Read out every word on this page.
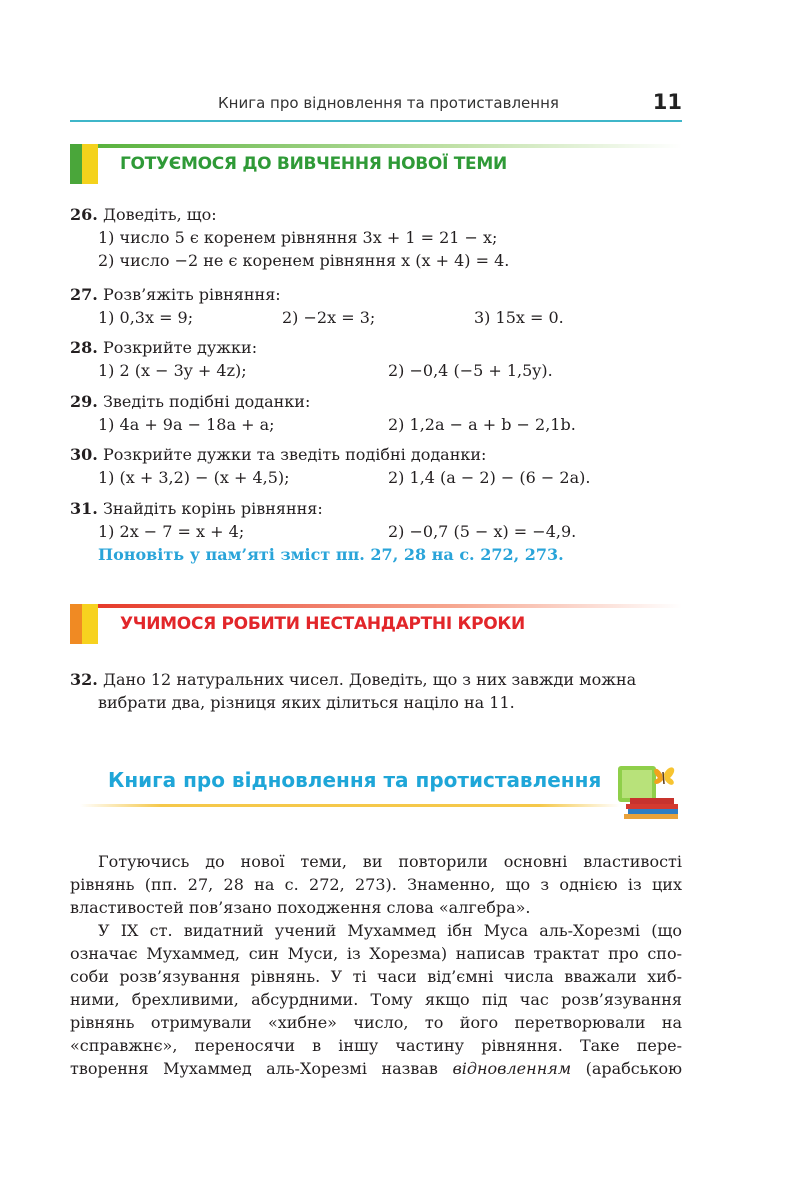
Книга про відновлення та протиставлення	11
ГОТУЄМОСЯ ДО ВИВЧЕННЯ НОВОЇ ТЕМИ
26. Доведіть, що:
1) число 5 є коренем рівняння 3x + 1 = 21 − x;
2) число −2 не є коренем рівняння x (x + 4) = 4.
27. Розв’яжіть рівняння:
1) 0,3x = 9;	2) −2x = 3;	3) 15x = 0.
28. Розкрийте дужки:
1) 2 (x − 3y + 4z);	2) −0,4 (−5 + 1,5y).
29. Зведіть подібні доданки:
1) 4a + 9a − 18a + a;	2) 1,2a − a + b − 2,1b.
30. Розкрийте дужки та зведіть подібні доданки:
1) (x + 3,2) − (x + 4,5);	2) 1,4 (a − 2) − (6 − 2a).
31. Знайдіть корінь рівняння:
1) 2x − 7 = x + 4;	2) −0,7 (5 − x) = −4,9.
Поновіть у пам’яті зміст пп. 27, 28 на с. 272, 273.
УЧИМОСЯ РОБИТИ НЕСТАНДАРТНІ КРОКИ
32. Дано 12 натуральних чисел. Доведіть, що з них завжди можна
вибрати два, різниця яких ділиться націло на 11.
Книга про відновлення та протиставлення
Готуючись до нової теми, ви повторили основні властивості
рівнянь (пп. 27, 28 на с. 272, 273). Знаменно, що з однією із цих
властивостей пов’язано походження слова «алгебра».
У IX ст. видатний учений Мухаммед ібн Муса аль-Хорезмі (що
означає Мухаммед, син Муси, із Хорезма) написав трактат про спо-
соби розв’язування рівнянь. У ті часи від’ємні числа вважали хиб-
ними, брехливими, абсурдними. Тому якщо під час розв’язування
рівнянь отримували «хибне» число, то його перетворювали на
«справжнє», переносячи в іншу частину рівняння. Таке пере-
творення Мухаммед аль-Хорезмі назвав відновленням (арабською
